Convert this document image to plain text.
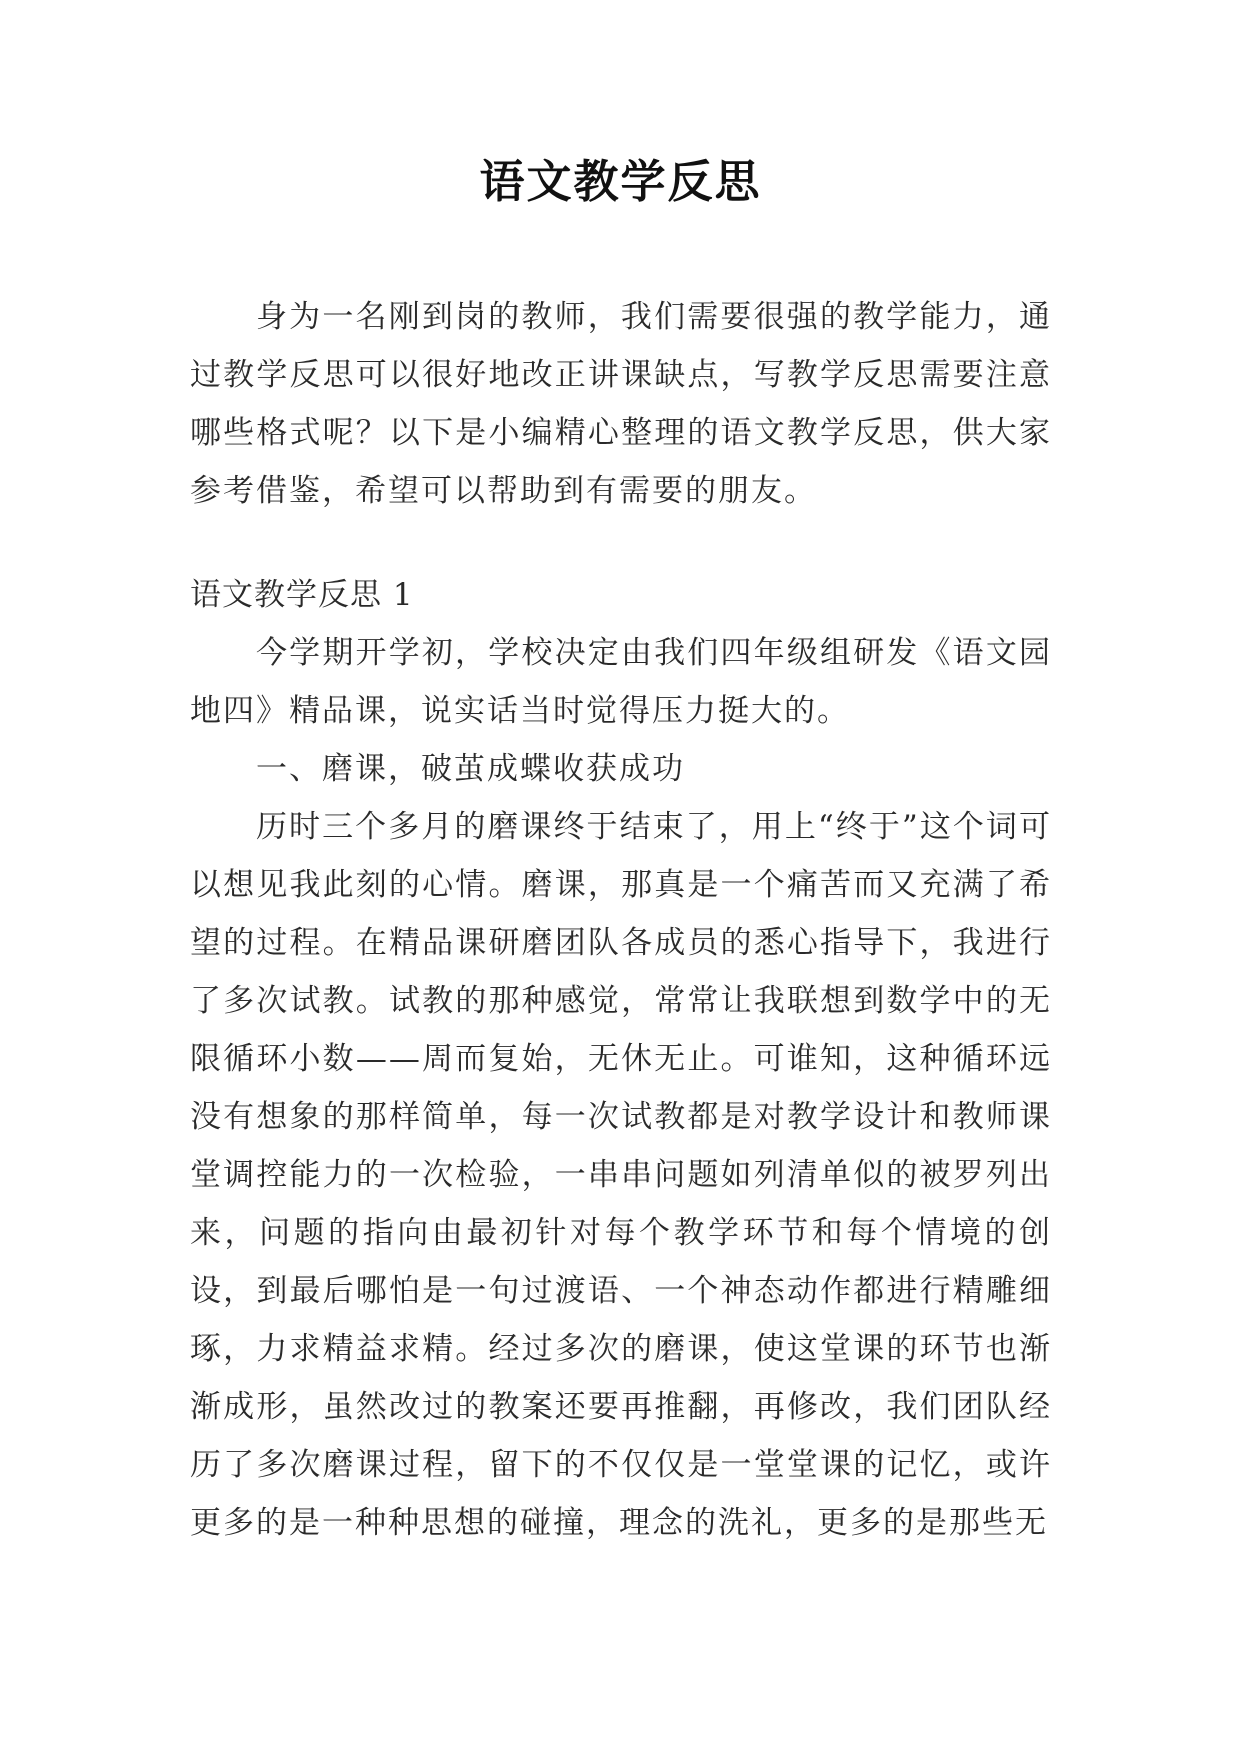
语文教学反思

身为一名刚到岗的教师，我们需要很强的教学能力，通过教学反思可以很好地改正讲课缺点，写教学反思需要注意哪些格式呢？以下是小编精心整理的语文教学反思，供大家参考借鉴，希望可以帮助到有需要的朋友。

语文教学反思 1

今学期开学初，学校决定由我们四年级组研发《语文园地四》精品课，说实话当时觉得压力挺大的。

一、磨课，破茧成蝶收获成功

历时三个多月的磨课终于结束了，用上“终于”这个词可以想见我此刻的心情。磨课，那真是一个痛苦而又充满了希望的过程。在精品课研磨团队各成员的悉心指导下，我进行了多次试教。试教的那种感觉，常常让我联想到数学中的无限循环小数——周而复始，无休无止。可谁知，这种循环远没有想象的那样简单，每一次试教都是对教学设计和教师课堂调控能力的一次检验，一串串问题如列清单似的被罗列出来，问题的指向由最初针对每个教学环节和每个情境的创设，到最后哪怕是一句过渡语、一个神态动作都进行精雕细琢，力求精益求精。经过多次的磨课，使这堂课的环节也渐渐成形，虽然改过的教案还要再推翻，再修改，我们团队经历了多次磨课过程，留下的不仅仅是一堂堂课的记忆，或许更多的是一种种思想的碰撞，理念的洗礼，更多的是那些无
